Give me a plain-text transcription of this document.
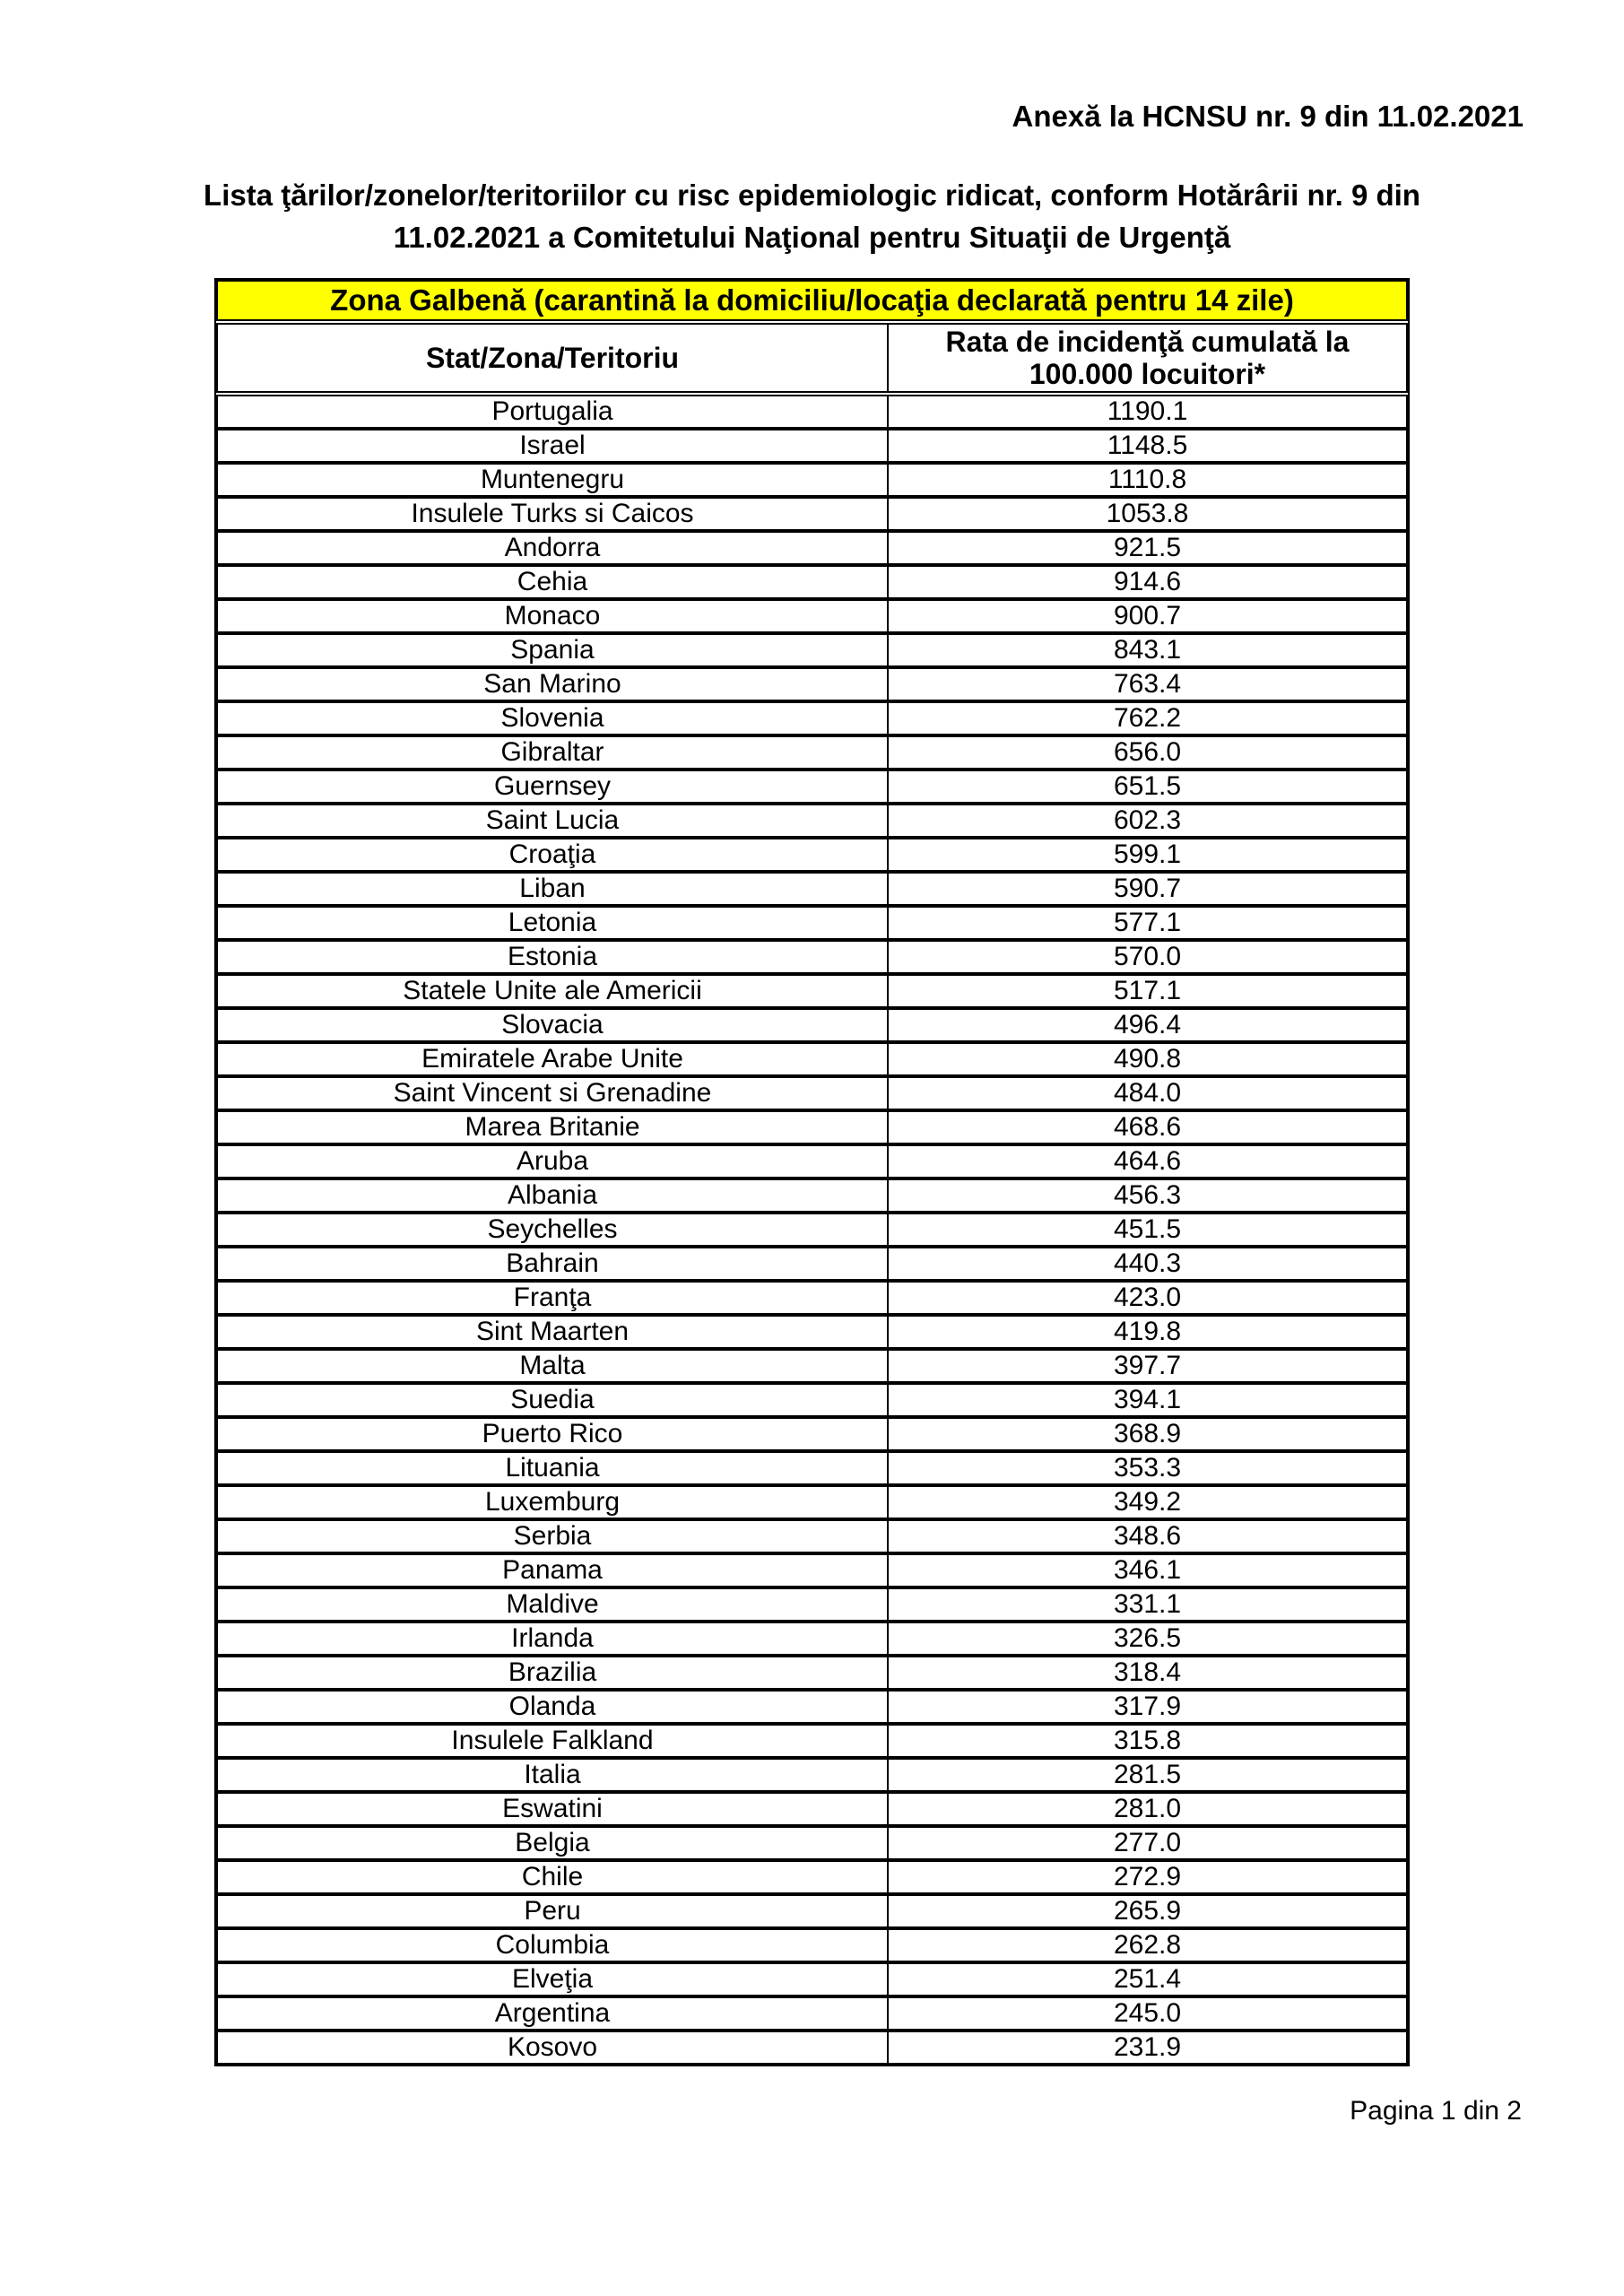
Anexă la HCNSU nr. 9 din 11.02.2021
Lista ţărilor/zonelor/teritoriilor cu risc epidemiologic ridicat, conform Hotărârii nr. 9 din
11.02.2021 a Comitetului Naţional pentru Situaţii de Urgenţă
Zona Galbenă (carantină la domiciliu/locaţia declarată pentru 14 zile)
Stat/Zona/Teritoriu	Rata de incidenţă cumulată la 100.000 locuitori*
Portugalia	1190.1
Israel	1148.5
Muntenegru	1110.8
Insulele Turks si Caicos	1053.8
Andorra	921.5
Cehia	914.6
Monaco	900.7
Spania	843.1
San Marino	763.4
Slovenia	762.2
Gibraltar	656.0
Guernsey	651.5
Saint Lucia	602.3
Croaţia	599.1
Liban	590.7
Letonia	577.1
Estonia	570.0
Statele Unite ale Americii	517.1
Slovacia	496.4
Emiratele Arabe Unite	490.8
Saint Vincent si Grenadine	484.0
Marea Britanie	468.6
Aruba	464.6
Albania	456.3
Seychelles	451.5
Bahrain	440.3
Franţa	423.0
Sint Maarten	419.8
Malta	397.7
Suedia	394.1
Puerto Rico	368.9
Lituania	353.3
Luxemburg	349.2
Serbia	348.6
Panama	346.1
Maldive	331.1
Irlanda	326.5
Brazilia	318.4
Olanda	317.9
Insulele Falkland	315.8
Italia	281.5
Eswatini	281.0
Belgia	277.0
Chile	272.9
Peru	265.9
Columbia	262.8
Elveţia	251.4
Argentina	245.0
Kosovo	231.9
Pagina 1 din 2
